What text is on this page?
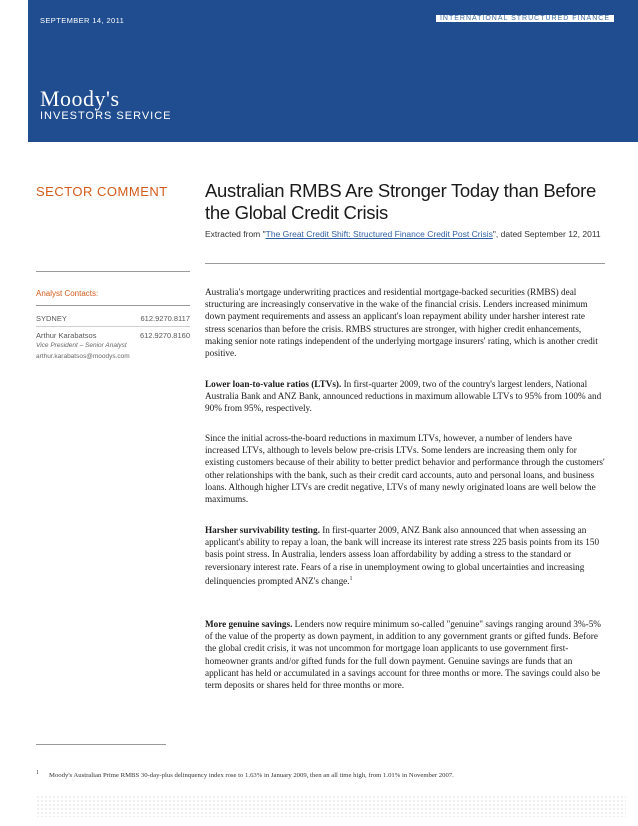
SEPTEMBER 14, 2011	INTERNATIONAL STRUCTURED FINANCE
Moody's
INVESTORS SERVICE
SECTOR COMMENT Australian RMBS Are Stronger Today than Before the Global Credit Crisis
Extracted from "The Great Credit Shift: Structured Finance Credit Post Crisis", dated September 12, 2011
Analyst Contacts:
SYDNEY	612.9270.8117
Arthur Karabatsos	612.9270.8160
Vice President – Senior Analyst
arthur.karabatsos@moodys.com
Australia's mortgage underwriting practices and residential mortgage-backed securities (RMBS) deal structuring are increasingly conservative in the wake of the financial crisis. Lenders increased minimum down payment requirements and assess an applicant's loan repayment ability under harsher interest rate stress scenarios than before the crisis. RMBS structures are stronger, with higher credit enhancements, making senior note ratings independent of the underlying mortgage insurers' rating, which is another credit positive.
Lower loan-to-value ratios (LTVs). In first-quarter 2009, two of the country's largest lenders, National Australia Bank and ANZ Bank, announced reductions in maximum allowable LTVs to 95% from 100% and 90% from 95%, respectively.
Since the initial across-the-board reductions in maximum LTVs, however, a number of lenders have increased LTVs, although to levels below pre-crisis LTVs. Some lenders are increasing them only for existing customers because of their ability to better predict behavior and performance through the customers' other relationships with the bank, such as their credit card accounts, auto and personal loans, and business loans. Although higher LTVs are credit negative, LTVs of many newly originated loans are well below the maximums.
Harsher survivability testing. In first-quarter 2009, ANZ Bank also announced that when assessing an applicant's ability to repay a loan, the bank will increase its interest rate stress 225 basis points from its 150 basis point stress. In Australia, lenders assess loan affordability by adding a stress to the standard or reversionary interest rate. Fears of a rise in unemployment owing to global uncertainties and increasing delinquencies prompted ANZ's change.$^1$
More genuine savings. Lenders now require minimum so-called "genuine" savings ranging around 3%-5% of the value of the property as down payment, in addition to any government grants or gifted funds. Before the global credit crisis, it was not uncommon for mortgage loan applicants to use government first-homeowner grants and/or gifted funds for the full down payment. Genuine savings are funds that an applicant has held or accumulated in a savings account for three months or more. The savings could also be term deposits or shares held for three months or more.
$^1$ Moody's Australian Prime RMBS 30-day-plus delinquency index rose to 1.63% in January 2009, then an all time high, from 1.01% in November 2007.
